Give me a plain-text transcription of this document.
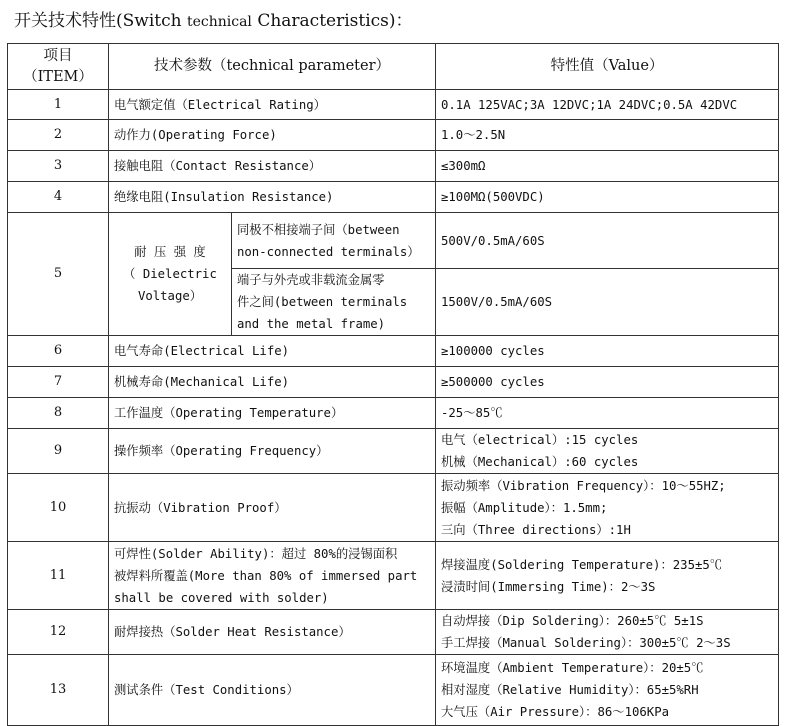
开关技术特性(Switch technical Characteristics)：
项目
（ITEM）	技术参数（technical parameter）		特性值（Value）
1	电气额定值（Electrical Rating）		0.1A 125VAC;3A 12DVC;1A 24DVC;0.5A 42DVC

2	动作力(Operating Force)		1.0～2.5N

3	接触电阻（Contact Resistance）		≤300mΩ

4	绝缘电阻(Insulation Resistance)		≥100MΩ(500VDC)

5	耐 压 强 度
（ Dielectric
Voltage）	同极不相接端子间（between
non-connected terminals）	500V/0.5mA/60S

		端子与外壳或非载流金属零
件之间(between terminals
and the metal frame)	1500V/0.5mA/60S
6	电气寿命(Electrical Life)		≥100000 cycles

7	机械寿命(Mechanical Life)		≥500000 cycles

8	工作温度（Operating Temperature）		-25～85℃

9	操作频率（Operating Frequency）		电气（electrical）:15 cycles
机械（Mechanical）:60 cycles

10	抗振动（Vibration Proof）		振动频率（Vibration Frequency）：10～55HZ;
振幅（Amplitude）：1.5mm;
三向（Three directions）:1H

11	可焊性(Solder Ability)：超过 80%的浸锡面积
被焊料所覆盖(More than 80% of immersed part
shall be covered with solder)		焊接温度(Soldering Temperature)：235±5℃
浸渍时间(Immersing Time)：2～3S

12	耐焊接热（Solder Heat Resistance）		自动焊接（Dip Soldering）：260±5℃ 5±1S
手工焊接（Manual Soldering）：300±5℃ 2～3S

13	测试条件（Test Conditions）		环境温度（Ambient Temperature）：20±5℃
相对湿度（Relative Humidity）：65±5%RH
大气压（Air Pressure）：86～106KPa
